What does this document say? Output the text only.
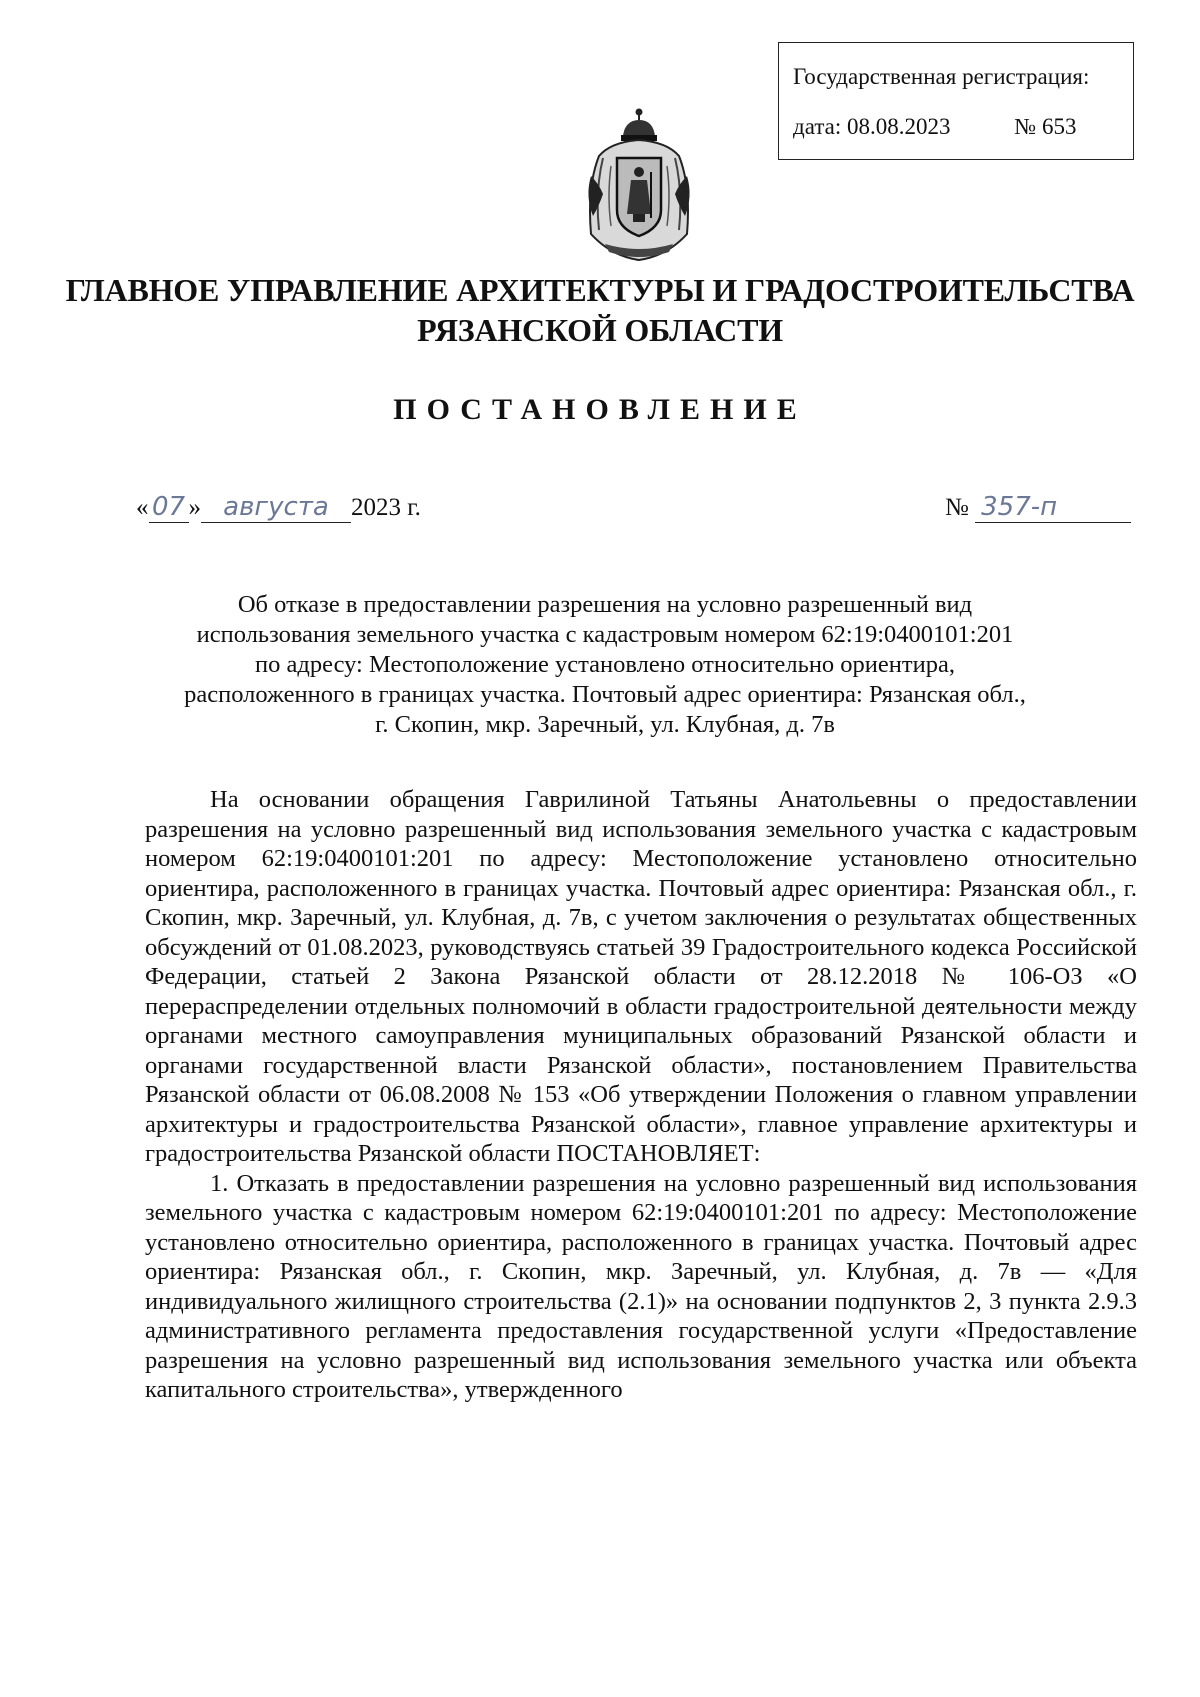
Государственная регистрация:
дата: 08.08.2023	№ 653
ГЛАВНОЕ УПРАВЛЕНИЕ АРХИТЕКТУРЫ И ГРАДОСТРОИТЕЛЬСТВА
РЯЗАНСКОЙ ОБЛАСТИ
ПОСТАНОВЛЕНИЕ
« 07 » августа 2023 г.	№ 357-п
Об отказе в предоставлении разрешения на условно разрешенный вид
использования земельного участка с кадастровым номером 62:19:0400101:201
по адресу: Местоположение установлено относительно ориентира,
расположенного в границах участка. Почтовый адрес ориентира: Рязанская обл.,
г. Скопин, мкр. Заречный, ул. Клубная, д. 7в

На основании обращения Гаврилиной Татьяны Анатольевны о предоставлении разрешения на условно разрешенный вид использования земельного участка с кадастровым номером 62:19:0400101:201 по адресу: Местоположение установлено относительно ориентира, расположенного в границах участка. Почтовый адрес ориентира: Рязанская обл., г. Скопин, мкр. Заречный, ул. Клубная, д. 7в, с учетом заключения о результатах общественных обсуждений от 01.08.2023, руководствуясь статьей 39 Градостроительного кодекса Российской Федерации, статьей 2 Закона Рязанской области от 28.12.2018 № 106-ОЗ «О перераспределении отдельных полномочий в области градостроительной деятельности между органами местного самоуправления муниципальных образований Рязанской области и органами государственной власти Рязанской области», постановлением Правительства Рязанской области от 06.08.2008 № 153 «Об утверждении Положения о главном управлении архитектуры и градостроительства Рязанской области», главное управление архитектуры и градостроительства Рязанской области ПОСТАНОВЛЯЕТ:

1. Отказать в предоставлении разрешения на условно разрешенный вид использования земельного участка с кадастровым номером 62:19:0400101:201 по адресу: Местоположение установлено относительно ориентира, расположенного в границах участка. Почтовый адрес ориентира: Рязанская обл., г. Скопин, мкр. Заречный, ул. Клубная, д. 7в — «Для индивидуального жилищного строительства (2.1)» на основании подпунктов 2, 3 пункта 2.9.3 административного регламента предоставления государственной услуги «Предоставление разрешения на условно разрешенный вид использования земельного участка или объекта капитального строительства», утвержденного
